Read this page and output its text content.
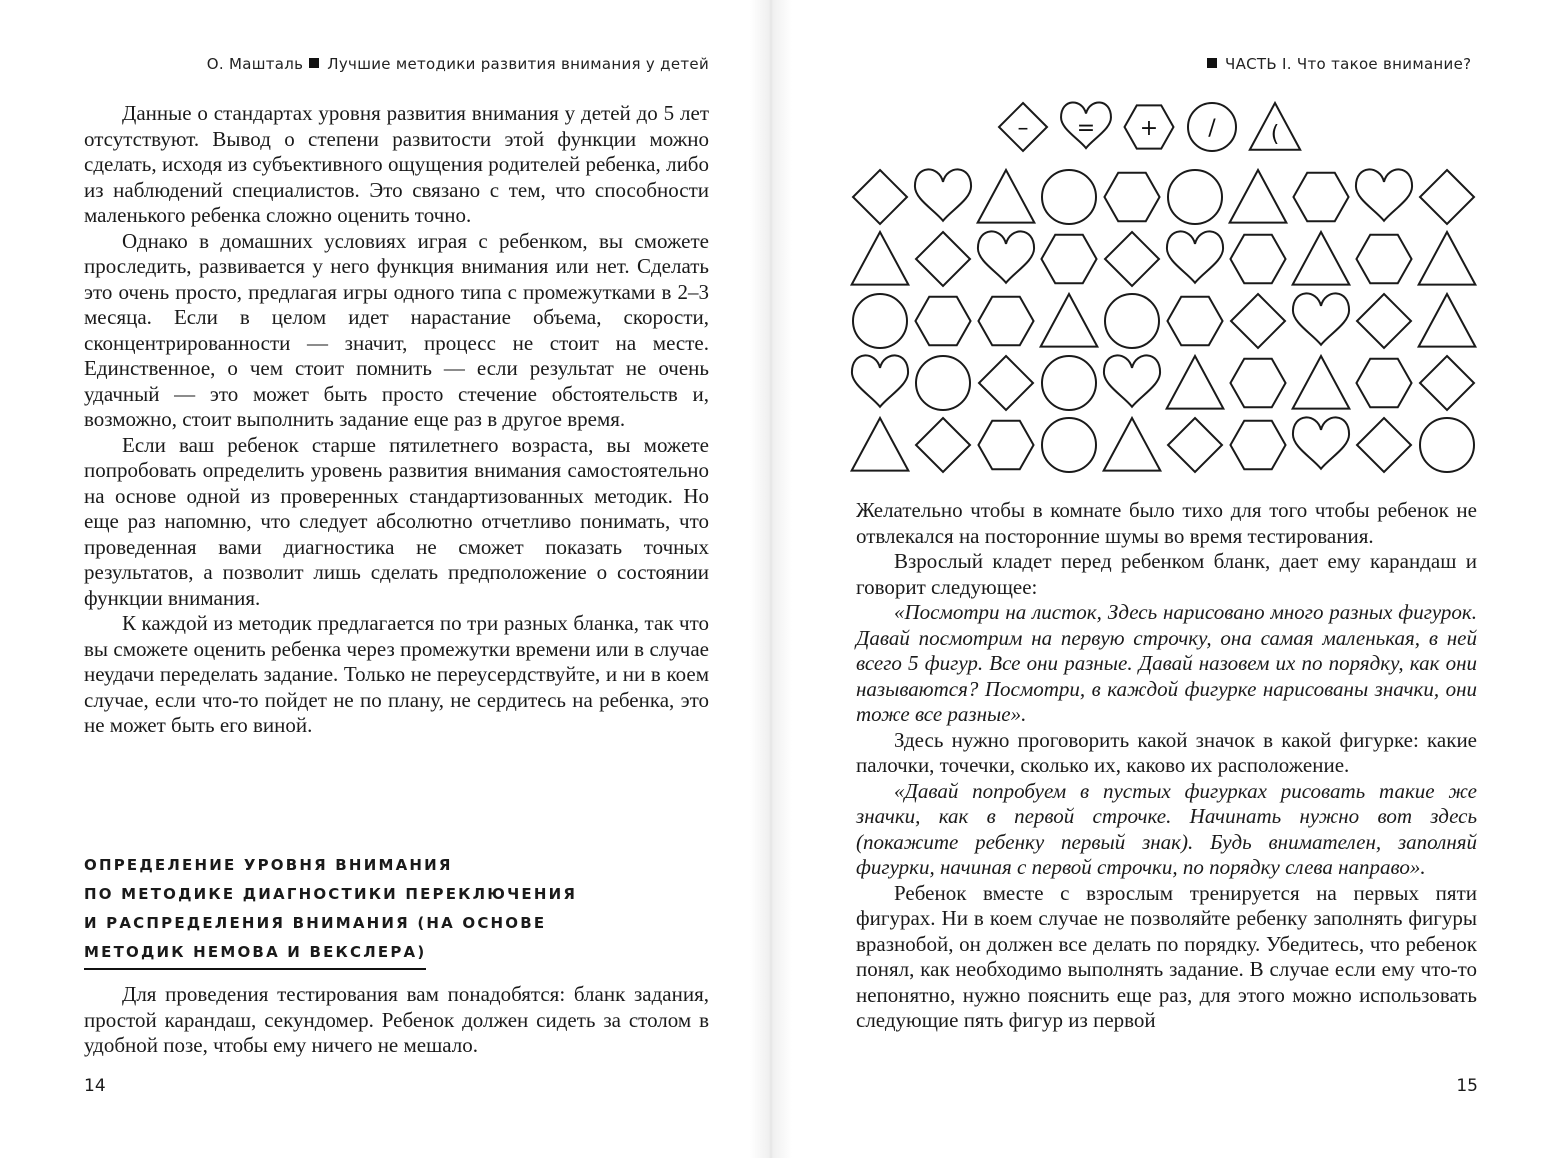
О. Машталь Лучшие методики развития внимания у детей

Данные о стандартах уровня развития внимания у детей до 5 лет отсутствуют. Вывод о степени развитости этой функции можно сделать, исходя из субъективного ощущения родителей ребенка, либо из наблюдений специалистов. Это связано с тем, что способности маленького ребенка сложно оценить точно.

Однако в домашних условиях играя с ребенком, вы сможете проследить, развивается у него функция внимания или нет. Сделать это очень просто, предлагая игры одного типа с промежутками в 2–3 месяца. Если в целом идет нарастание объема, скорости, сконцентрированности — значит, процесс не стоит на месте. Единственное, о чем стоит помнить — если результат не очень удачный — это может быть просто стечение обстоятельств и, возможно, стоит выполнить задание еще раз в другое время.

Если ваш ребенок старше пятилетнего возраста, вы можете попробовать определить уровень развития внимания самостоятельно на основе одной из проверенных стандартизованных методик. Но еще раз напомню, что следует абсолютно отчетливо понимать, что проведенная вами диагностика не сможет показать точных результатов, а позволит лишь сделать предположение о состоянии функции внимания.

К каждой из методик предлагается по три разных бланка, так что вы сможете оценить ребенка через промежутки времени или в случае неудачи переделать задание. Только не переусердствуйте, и ни в коем случае, если что-то пойдет не по плану, не сердитесь на ребенка, это не может быть его виной.

ОПРЕДЕЛЕНИЕ УРОВНЯ ВНИМАНИЯ
ПО МЕТОДИКЕ ДИАГНОСТИКИ ПЕРЕКЛЮЧЕНИЯ
И РАСПРЕДЕЛЕНИЯ ВНИМАНИЯ (НА ОСНОВЕ
МЕТОДИК НЕМОВА И ВЕКСЛЕРА)

Для проведения тестирования вам понадобятся: бланк задания, простой карандаш, секундомер. Ребенок должен сидеть за столом в удобной позе, чтобы ему ничего не мешало.

14
ЧАСТЬ I. Что такое внимание?
– = + / (

Желательно чтобы в комнате было тихо для того чтобы ребенок не отвлекался на посторонние шумы во время тестирования.

Взрослый кладет перед ребенком бланк, дает ему карандаш и говорит следующее:

«Посмотри на листок, Здесь нарисовано много разных фигурок. Давай посмотрим на первую строчку, она самая маленькая, в ней всего 5 фигур. Все они разные. Давай назовем их по порядку, как они называются? Посмотри, в каждой фигурке нарисованы значки, они тоже все разные».

Здесь нужно проговорить какой значок в какой фигурке: какие палочки, точечки, сколько их, каково их расположение.

«Давай попробуем в пустых фигурках рисовать такие же значки, как в первой строчке. Начинать нужно вот здесь (покажите ребенку первый знак). Будь внимателен, заполняй фигурки, начиная с первой строчки, по порядку слева направо».

Ребенок вместе с взрослым тренируется на первых пяти фигурах. Ни в коем случае не позволяйте ребенку заполнять фигуры вразнобой, он должен все делать по порядку. Убедитесь, что ребенок понял, как необходимо выполнять задание. В случае если ему что-то непонятно, нужно пояснить еще раз, для этого можно использовать следующие пять фигур из первой

15
